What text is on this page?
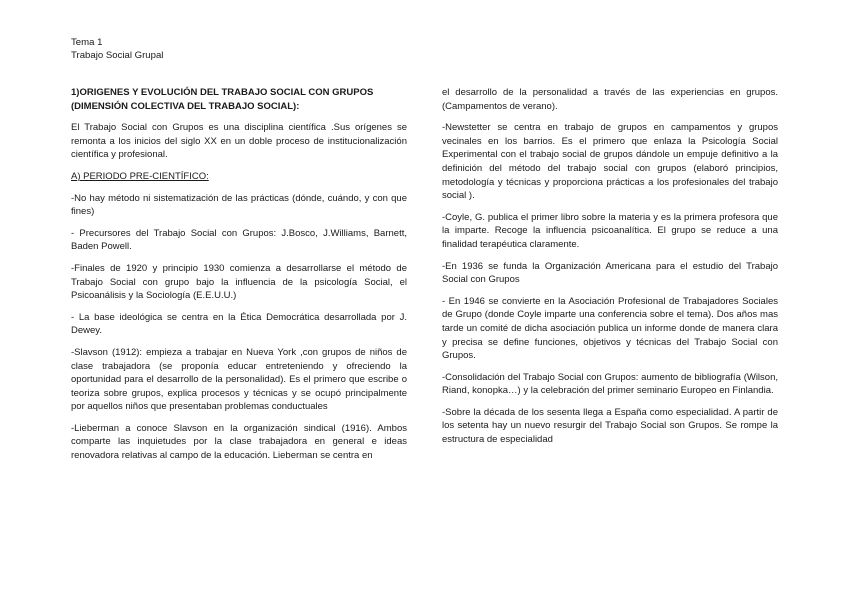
Tema 1
Trabajo Social Grupal
1)ORIGENES Y EVOLUCIÓN DEL TRABAJO SOCIAL CON GRUPOS
(DIMENSIÓN COLECTIVA DEL TRABAJO SOCIAL):

El Trabajo Social con Grupos es una disciplina científica .Sus orígenes se remonta a los inicios del siglo XX en un doble proceso de institucionalización científica y profesional.

A) PERIODO PRE-CIENTÍFICO:

-No hay método ni sistematización de las prácticas (dónde, cuándo, y con que fines)

- Precursores del Trabajo Social con Grupos: J.Bosco, J.Williams, Barnett, Baden Powell.

-Finales de 1920 y principio 1930 comienza a desarrollarse el método de Trabajo Social con grupo bajo la influencia de la psicología Social, el Psicoanálisis y la Sociología (E.E.U.U.)

- La base ideológica se centra en la Ética Democrática desarrollada por J. Dewey.

-Slavson (1912): empieza a trabajar en Nueva York ,con grupos de niños de clase trabajadora (se proponía educar entreteniendo y ofreciendo la oportunidad para el desarrollo de la personalidad). Es el primero que escribe o teoriza sobre grupos, explica procesos y técnicas y se ocupó principalmente por aquellos niños que presentaban problemas conductuales

-Lieberman a conoce Slavson en la organización sindical (1916). Ambos comparte las inquietudes por la clase trabajadora en general e ideas renovadora relativas al campo de la educación. Lieberman se centra en

el desarrollo de la personalidad a través de las experiencias en grupos. (Campamentos de verano).

-Newstetter se centra en trabajo de grupos en campamentos y grupos vecinales en los barrios. Es el primero que enlaza la Psicología Social Experimental con el trabajo social de grupos dándole un empuje definitivo a la definición del método del trabajo social con grupos (elaboró principios, metodología y técnicas y proporciona prácticas a los profesionales del trabajo social ).

-Coyle, G. publica el primer libro sobre la materia y es la primera profesora que la imparte. Recoge la influencia psicoanalítica. El grupo se reduce a una finalidad terapéutica claramente.

-En 1936 se funda la Organización Americana para el estudio del Trabajo Social con Grupos

- En 1946 se convierte en la Asociación Profesional de Trabajadores Sociales de Grupo (donde Coyle imparte una conferencia sobre el tema). Dos años mas tarde un comité de dicha asociación publica un informe donde de manera clara y precisa se define funciones, objetivos y técnicas del Trabajo Social con Grupos.

-Consolidación del Trabajo Social con Grupos: aumento de bibliografía (Wilson, Riand, konopka…) y la celebración del primer seminario Europeo en Finlandia.

-Sobre la década de los sesenta llega a España como especialidad. A partir de los setenta hay un nuevo resurgir del Trabajo Social son Grupos. Se rompe la estructura de especialidad
